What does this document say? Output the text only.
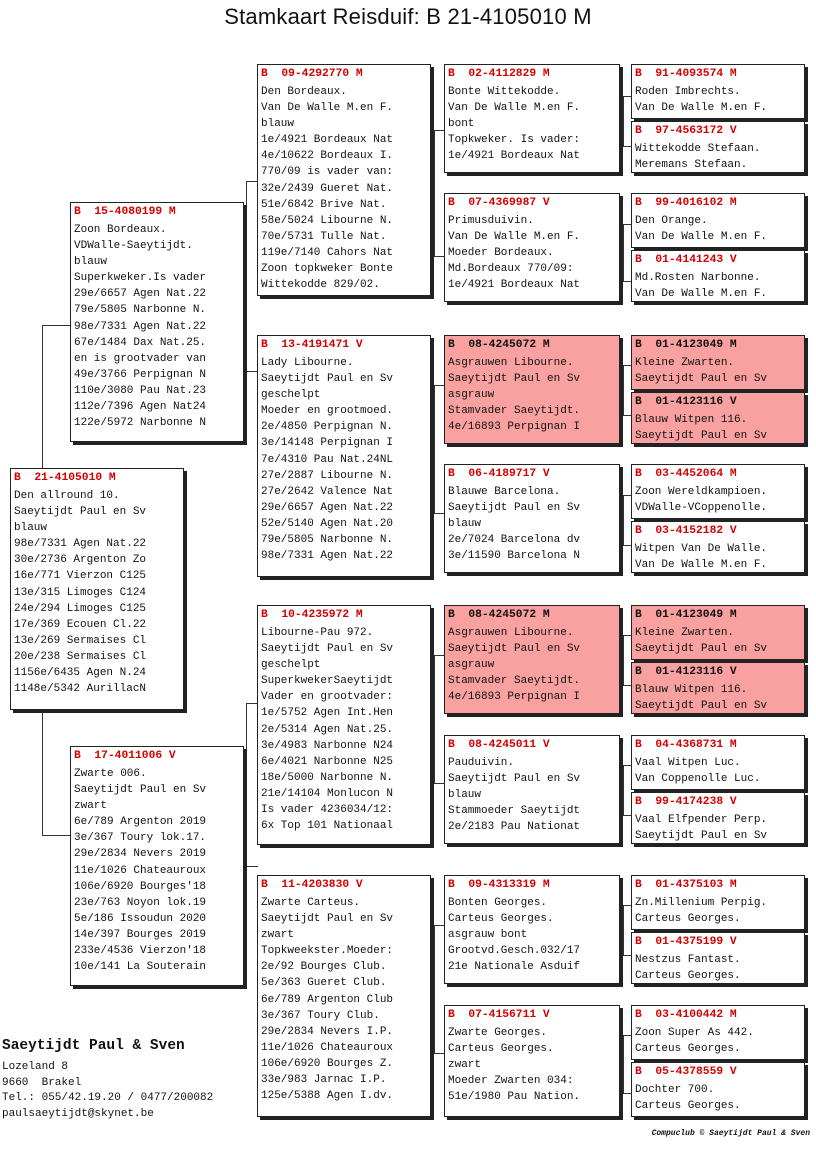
Stamkaart Reisduif: B 21-4105010 M
B  21-4105010 M
Den allround 10.
Saeytijdt Paul en Sv
blauw
98e/7331 Agen Nat.22
30e/2736 Argenton Zo
16e/771 Vierzon C125
13e/315 Limoges C124
24e/294 Limoges C125
17e/369 Ecouen Cl.22
13e/269 Sermaises Cl
20e/238 Sermaises Cl
1156e/6435 Agen N.24
1148e/5342 AurillacN
B  15-4080199 M
Zoon Bordeaux.
VDWalle-Saeytijdt.
blauw
Superkweker.Is vader
29e/6657 Agen Nat.22
79e/5805 Narbonne N.
98e/7331 Agen Nat.22
67e/1484 Dax Nat.25.
en is grootvader van
49e/3766 Perpignan N
110e/3080 Pau Nat.23
112e/7396 Agen Nat24
122e/5972 Narbonne N
B  17-4011006 V
Zwarte 006.
Saeytijdt Paul en Sv
zwart
6e/789 Argenton 2019
3e/367 Toury lok.17.
29e/2834 Nevers 2019
11e/1026 Chateauroux
106e/6920 Bourges'18
23e/763 Noyon lok.19
5e/186 Issoudun 2020
14e/397 Bourges 2019
233e/4536 Vierzon'18
10e/141 La Souterain
B  09-4292770 M
Den Bordeaux.
Van De Walle M.en F.
blauw
1e/4921 Bordeaux Nat
4e/10622 Bordeaux I.
770/09 is vader van:
32e/2439 Gueret Nat.
51e/6842 Brive Nat.
58e/5024 Libourne N.
70e/5731 Tulle Nat.
119e/7140 Cahors Nat
Zoon topkweker Bonte
Wittekodde 829/02.
B  13-4191471 V
Lady Libourne.
Saeytijdt Paul en Sv
geschelpt
Moeder en grootmoed.
2e/4850 Perpignan N.
3e/14148 Perpignan I
7e/4310 Pau Nat.24NL
27e/2887 Libourne N.
27e/2642 Valence Nat
29e/6657 Agen Nat.22
52e/5140 Agen Nat.20
79e/5805 Narbonne N.
98e/7331 Agen Nat.22
B  10-4235972 M
Libourne-Pau 972.
Saeytijdt Paul en Sv
geschelpt
SuperkwekerSaeytijdt
Vader en grootvader:
1e/5752 Agen Int.Hen
2e/5314 Agen Nat.25.
3e/4983 Narbonne N24
6e/4021 Narbonne N25
18e/5000 Narbonne N.
21e/14104 Monlucon N
Is vader 4236034/12:
6x Top 101 Nationaal
B  11-4203830 V
Zwarte Carteus.
Saeytijdt Paul en Sv
zwart
Topkweekster.Moeder:
2e/92 Bourges Club.
5e/363 Gueret Club.
6e/789 Argenton Club
3e/367 Toury Club.
29e/2834 Nevers I.P.
11e/1026 Chateauroux
106e/6920 Bourges Z.
33e/983 Jarnac I.P.
125e/5388 Agen I.dv.
B  02-4112829 M
Bonte Wittekodde.
Van De Walle M.en F.
bont
Topkweker. Is vader:
1e/4921 Bordeaux Nat
B  07-4369987 V
Primusduivin.
Van De Walle M.en F.
Moeder Bordeaux.
Md.Bordeaux 770/09:
1e/4921 Bordeaux Nat
B  08-4245072 M
Asgrauwen Libourne.
Saeytijdt Paul en Sv
asgrauw
Stamvader Saeytijdt.
4e/16893 Perpignan I
B  06-4189717 V
Blauwe Barcelona.
Saeytijdt Paul en Sv
blauw
2e/7024 Barcelona dv
3e/11590 Barcelona N
B  08-4245072 M
Asgrauwen Libourne.
Saeytijdt Paul en Sv
asgrauw
Stamvader Saeytijdt.
4e/16893 Perpignan I
B  08-4245011 V
Pauduivin.
Saeytijdt Paul en Sv
blauw
Stammoeder Saeytijdt
2e/2183 Pau Nationat
B  09-4313319 M
Bonten Georges.
Carteus Georges.
asgrauw bont
Grootvd.Gesch.032/17
21e Nationale Asduif
B  07-4156711 V
Zwarte Georges.
Carteus Georges.
zwart
Moeder Zwarten 034:
51e/1980 Pau Nation.
B  91-4093574 M
Roden Imbrechts.
Van De Walle M.en F.
B  97-4563172 V
Wittekodde Stefaan.
Meremans Stefaan.
B  99-4016102 M
Den Orange.
Van De Walle M.en F.
B  01-4141243 V
Md.Rosten Narbonne.
Van De Walle M.en F.
B  01-4123049 M
Kleine Zwarten.
Saeytijdt Paul en Sv
B  01-4123116 V
Blauw Witpen 116.
Saeytijdt Paul en Sv
B  03-4452064 M
Zoon Wereldkampioen.
VDWalle-VCoppenolle.
B  03-4152182 V
Witpen Van De Walle.
Van De Walle M.en F.
B  01-4123049 M
Kleine Zwarten.
Saeytijdt Paul en Sv
B  01-4123116 V
Blauw Witpen 116.
Saeytijdt Paul en Sv
B  04-4368731 M
Vaal Witpen Luc.
Van Coppenolle Luc.
B  99-4174238 V
Vaal Elfpender Perp.
Saeytijdt Paul en Sv
B  01-4375103 M
Zn.Millenium Perpig.
Carteus Georges.
B  01-4375199 V
Nestzus Fantast.
Carteus Georges.
B  03-4100442 M
Zoon Super As 442.
Carteus Georges.
B  05-4378559 V
Dochter 700.
Carteus Georges.
Saeytijdt Paul & Sven
Lozeland 8
9660  Brakel
Tel.: 055/42.19.20 / 0477/200082
paulsaeytijdt@skynet.be
Compuclub © Saeytijdt Paul & Sven
